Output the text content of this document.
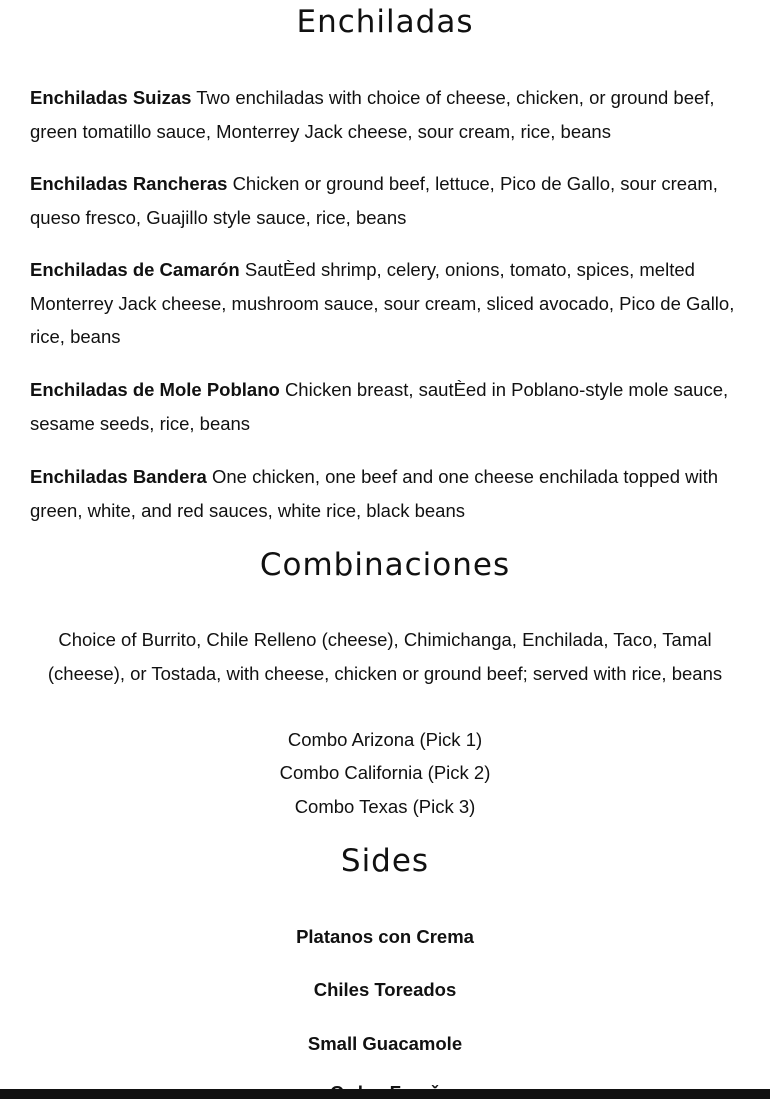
Enchiladas
Enchiladas Suizas Two enchiladas with choice of cheese, chicken, or ground beef, green tomatillo sauce, Monterrey Jack cheese, sour cream, rice, beans
Enchiladas Rancheras Chicken or ground beef, lettuce, Pico de Gallo, sour cream, queso fresco, Guajillo style sauce, rice, beans
Enchiladas de Camarón SautÈed shrimp, celery, onions, tomato, spices, melted Monterrey Jack cheese, mushroom sauce, sour cream, sliced avocado, Pico de Gallo, rice, beans
Enchiladas de Mole Poblano Chicken breast, sautÈed in Poblano-style mole sauce, sesame seeds, rice, beans
Enchiladas Bandera One chicken, one beef and one cheese enchilada topped with green, white, and red sauces, white rice, black beans
Combinaciones
Choice of Burrito, Chile Relleno (cheese), Chimichanga, Enchilada, Taco, Tamal (cheese), or Tostada, with cheese, chicken or ground beef; served with rice, beans
Combo Arizona (Pick 1)
Combo California (Pick 2)
Combo Texas (Pick 3)
Sides
Platanos con Crema
Chiles Toreados
Small Guacamole
